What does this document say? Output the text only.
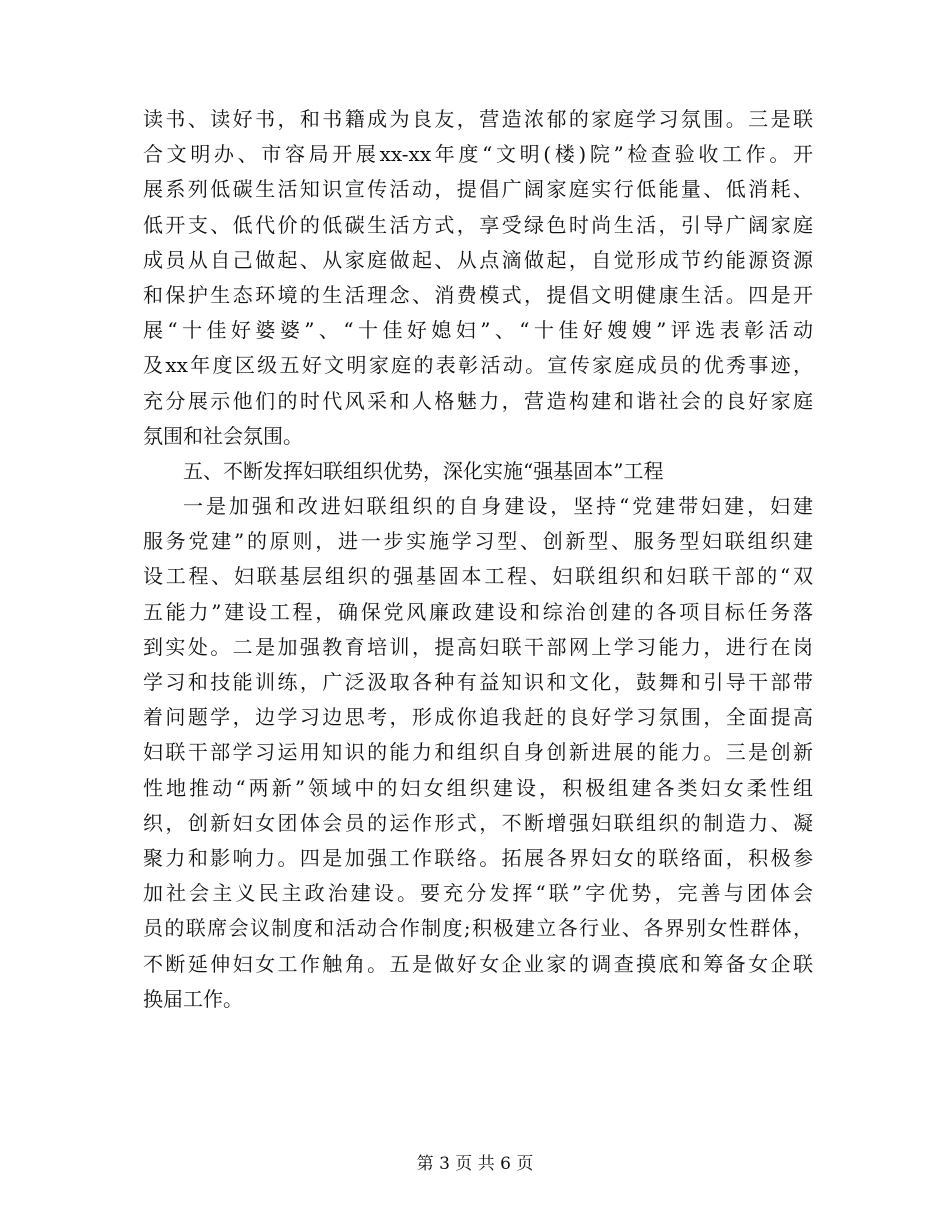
读书、读好书，和书籍成为良友，营造浓郁的家庭学习氛围。三是联
合文明办、市容局开展xx-xx年度“文明(楼)院”检查验收工作。开
展系列低碳生活知识宣传活动，提倡广阔家庭实行低能量、低消耗、
低开支、低代价的低碳生活方式，享受绿色时尚生活，引导广阔家庭
成员从自己做起、从家庭做起、从点滴做起，自觉形成节约能源资源
和保护生态环境的生活理念、消费模式，提倡文明健康生活。四是开
展“十佳好婆婆”、“十佳好媳妇”、“十佳好嫂嫂”评选表彰活动
及xx年度区级五好文明家庭的表彰活动。宣传家庭成员的优秀事迹，
充分展示他们的时代风采和人格魅力，营造构建和谐社会的良好家庭
氛围和社会氛围。
五、不断发挥妇联组织优势，深化实施“强基固本”工程
一是加强和改进妇联组织的自身建设，坚持“党建带妇建，妇建
服务党建”的原则，进一步实施学习型、创新型、服务型妇联组织建
设工程、妇联基层组织的强基固本工程、妇联组织和妇联干部的“双
五能力”建设工程，确保党风廉政建设和综治创建的各项目标任务落
到实处。二是加强教育培训，提高妇联干部网上学习能力，进行在岗
学习和技能训练，广泛汲取各种有益知识和文化，鼓舞和引导干部带
着问题学，边学习边思考，形成你追我赶的良好学习氛围，全面提高
妇联干部学习运用知识的能力和组织自身创新进展的能力。三是创新
性地推动“两新”领域中的妇女组织建设，积极组建各类妇女柔性组
织，创新妇女团体会员的运作形式，不断增强妇联组织的制造力、凝
聚力和影响力。四是加强工作联络。拓展各界妇女的联络面，积极参
加社会主义民主政治建设。要充分发挥“联”字优势，完善与团体会
员的联席会议制度和活动合作制度;积极建立各行业、各界别女性群体，
不断延伸妇女工作触角。五是做好女企业家的调查摸底和筹备女企联
换届工作。
第 3 页 共 6 页
